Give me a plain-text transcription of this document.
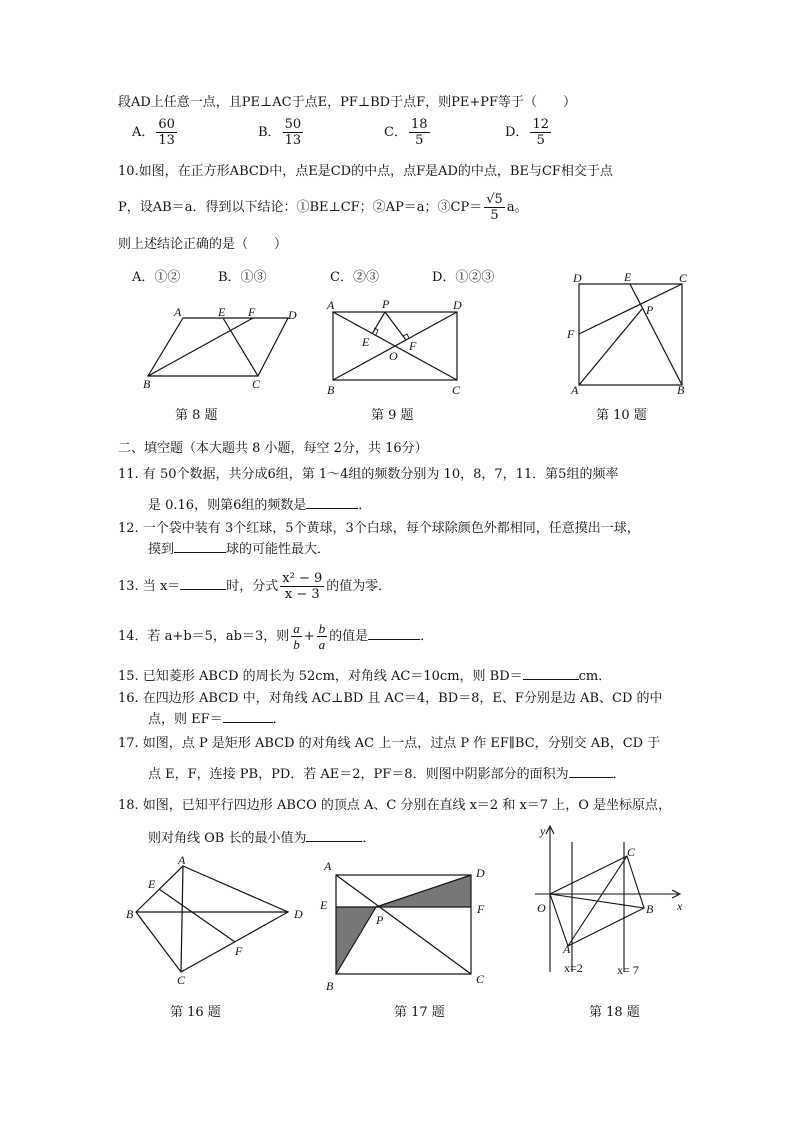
段AD上任意一点，且PE⊥AC于点E，PF⊥BD于点F，则PE+PF等于（　　）
A． $\frac{60}{13}$	B． $\frac{50}{13}$	C． $\frac{18}{5}$	D． $\frac{12}{5}$
10.如图，在正方形ABCD中，点E是CD的中点，点F是AD的中点，BE与CF相交于点
P，设AB＝a．得到以下结论：①BE⊥CF；②AP＝a；③CP＝ $\frac{√5}{5}$ a。
则上述结论正确的是（　　）
A．①②	B．①③	C．②③	D．①②③
A	E F	D
B	C
第 8 题
A	P	D
E
O
F
B	C
第 9 题
D	E	C
P
F
A	B
第 10 题
二、填空题（本大题共 8 小题，每空 2分，共 16分）
11. 有 50个数据，共分成6组，第 1～4组的频数分别为 10，8，7，11．第5组的频率
是 0.16，则第6组的频数是	．
12. 一个袋中装有 3个红球，5个黄球，3个白球，每个球除颜色外都相同，任意摸出一球，
摸到	球的可能性最大．
13. 当 x＝	时，分式 $\frac{\text{x² − 9}}{x - 3}$ 的值为零．
14．若 a+b＝5，ab＝3，则 $\frac{a}{b} + \frac{b}{a}$ 的值是	．
15. 已知菱形 ABCD 的周长为 52cm，对角线 AC＝10cm，则 BD＝	cm．
16. 在四边形 ABCD 中，对角线 AC⊥BD 且 AC＝4，BD＝8，E、F分别是边 AB、CD 的中
点，则 EF＝	．
17. 如图，点 P 是矩形 ABCD 的对角线 AC 上一点，过点 P 作 EF∥BC，分别交 AB，CD 于
点 E，F，连接 PB，PD．若 AE＝2，PF＝8．则图中阴影部分的面积为	．
18. 如图，已知平行四边形 ABCO 的顶点 A、C 分别在直线 x＝2 和 x＝7 上，O 是坐标原点，
则对角线 OB 长的最小值为	．
A
E
B	D
F
C
第 16 题
A	D
E	F
P
B	C
第 17 题
y
C
O	B x
A
x=2	x= 7
第 18 题
